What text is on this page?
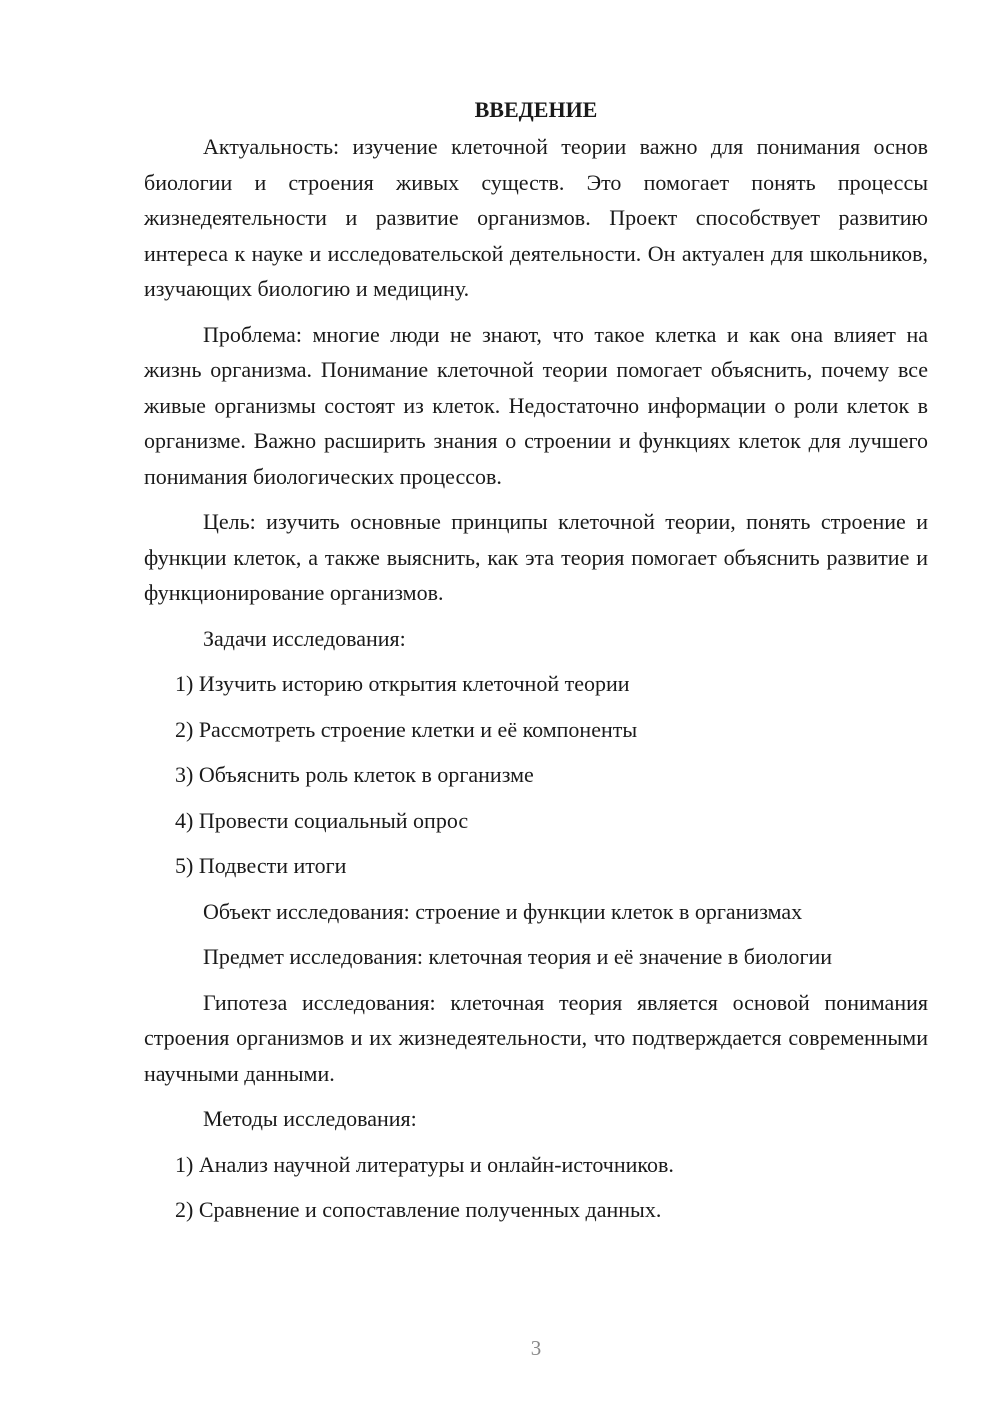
ВВЕДЕНИЕ

Актуальность: изучение клеточной теории важно для понимания основ биологии и строения живых существ. Это помогает понять процессы жизнедеятельности и развитие организмов. Проект способствует развитию интереса к науке и исследовательской деятельности. Он актуален для школьников, изучающих биологию и медицину.

Проблема: многие люди не знают, что такое клетка и как она влияет на жизнь организма. Понимание клеточной теории помогает объяснить, почему все живые организмы состоят из клеток. Недостаточно информации о роли клеток в организме. Важно расширить знания о строении и функциях клеток для лучшего понимания биологических процессов.

Цель: изучить основные принципы клеточной теории, понять строение и функции клеток, а также выяснить, как эта теория помогает объяснить развитие и функционирование организмов.

Задачи исследования:
1) Изучить историю открытия клеточной теории
2) Рассмотреть строение клетки и её компоненты
3) Объяснить роль клеток в организме
4) Провести социальный опрос
5) Подвести итоги
Объект исследования: строение и функции клеток в организмах
Предмет исследования: клеточная теория и её значение в биологии

Гипотеза исследования: клеточная теория является основой понимания строения организмов и их жизнедеятельности, что подтверждается современными научными данными.

Методы исследования:
1) Анализ научной литературы и онлайн-источников.
2) Сравнение и сопоставление полученных данных.
3
